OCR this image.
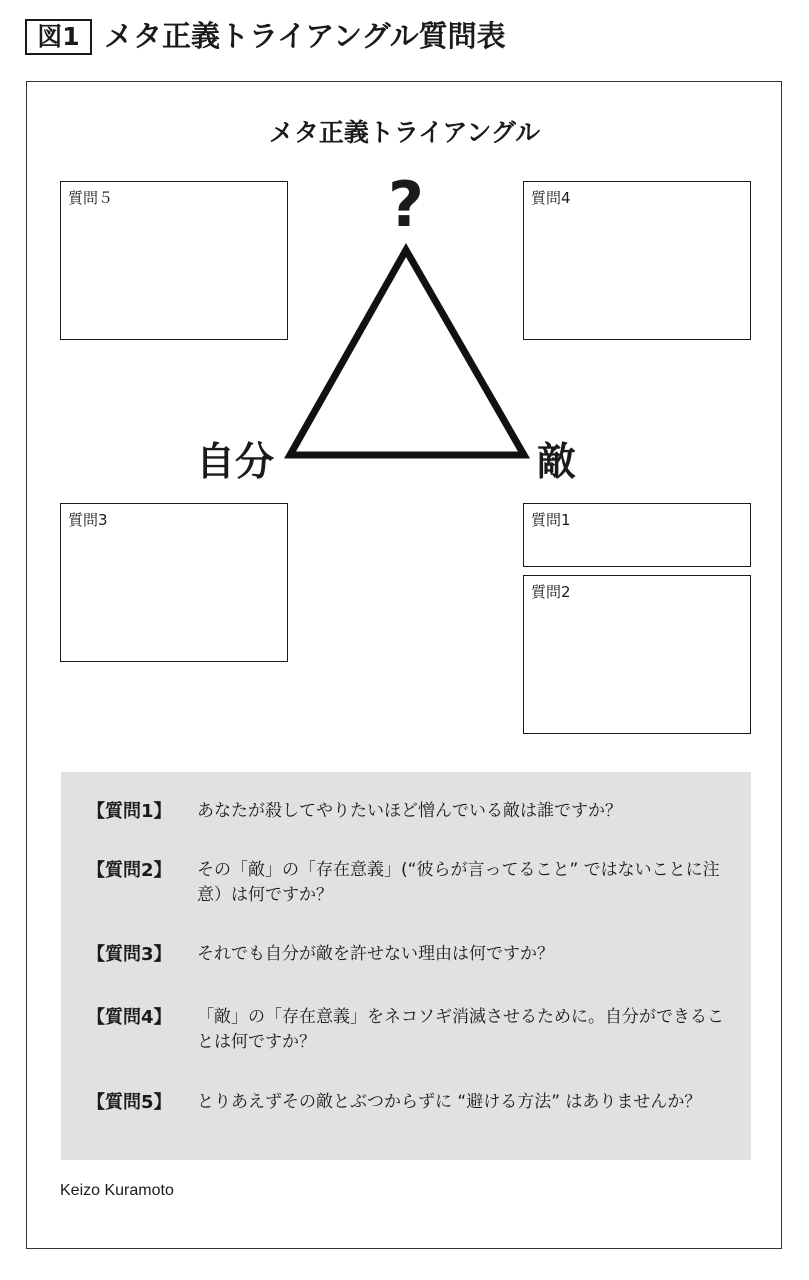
図1 メタ正義トライアングル質問表
メタ正義トライアングル
質問５	質問4
質問3	質問1
質問2
?
自分	敵
【質問1】 あなたが殺してやりたいほど憎んでいる敵は誰ですか？
【質問2】 その「敵」の「存在意義」(“彼らが言ってること” ではないことに注意）は何ですか？
【質問3】 それでも自分が敵を許せない理由は何ですか？
【質問4】 「敵」の「存在意義」をネコソギ消滅させるために。自分ができることは何ですか？
【質問5】 とりあえずその敵とぶつからずに “避ける方法” はありませんか？
Keizo Kuramoto
